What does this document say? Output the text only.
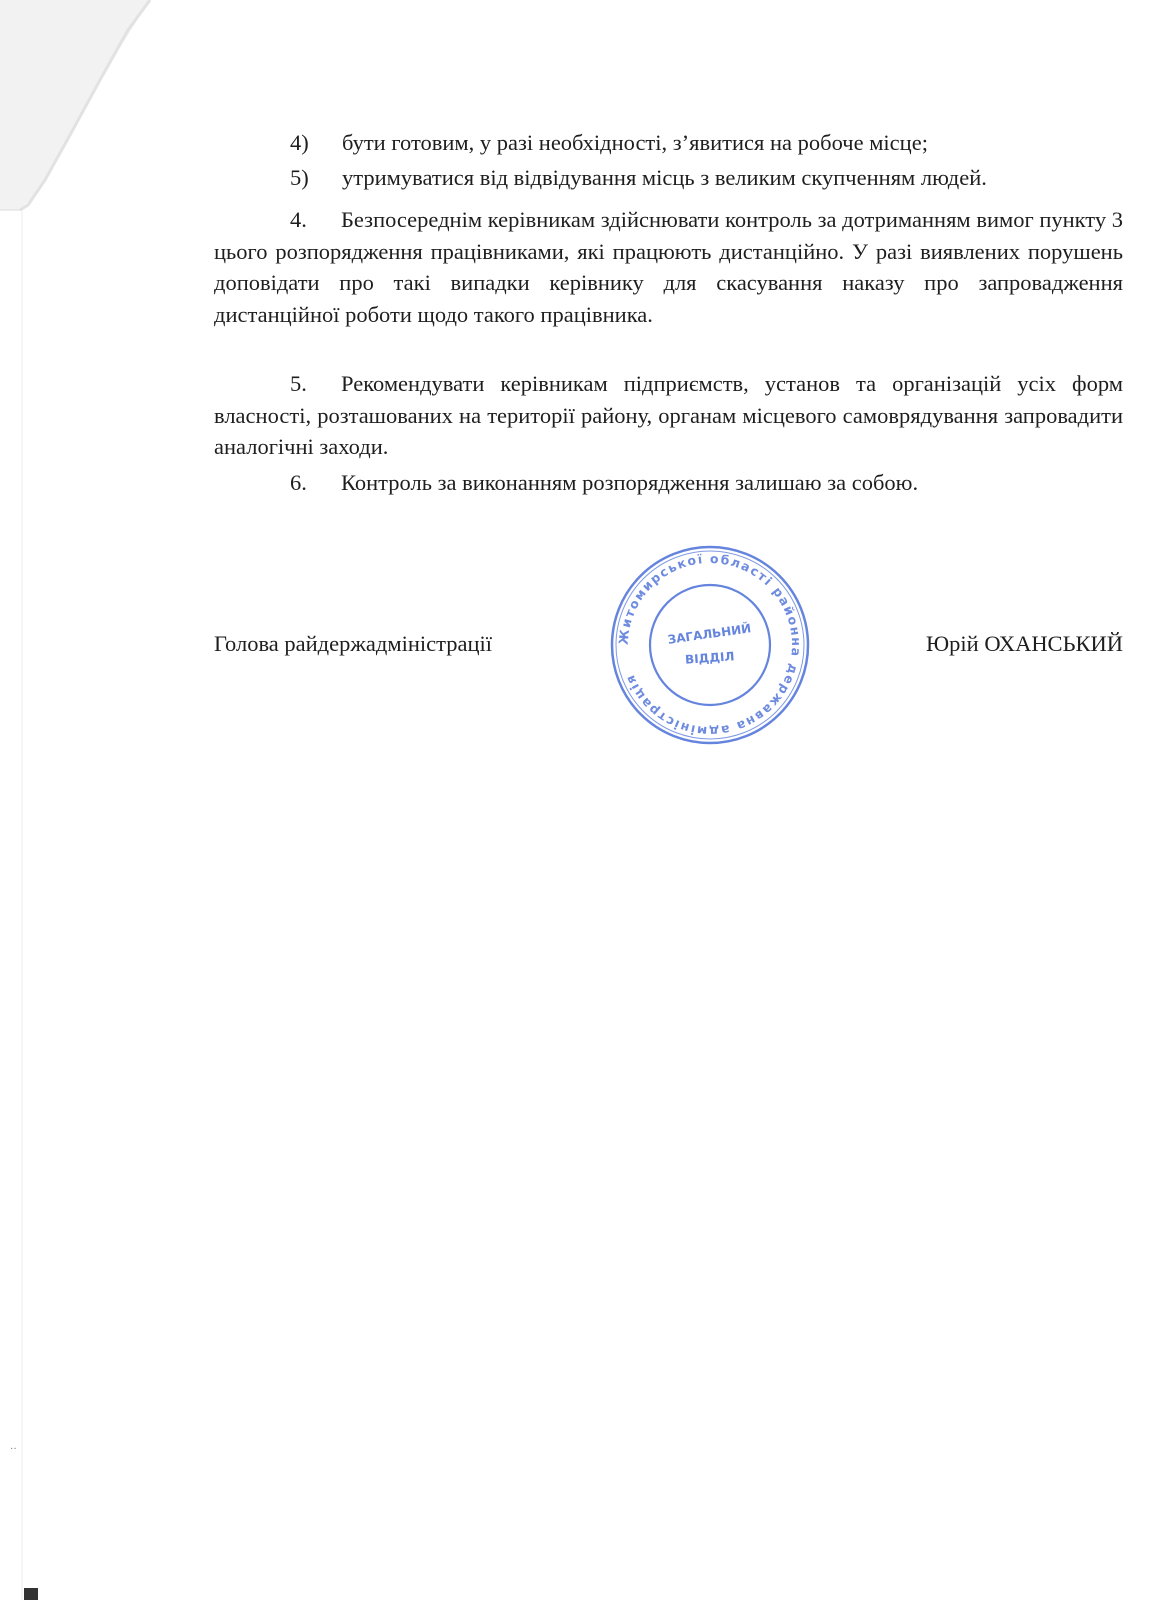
4) бути готовим, у разі необхідності, з’явитися на робоче місце;
5) утримуватися від відвідування місць з великим скупченням людей.

4. Безпосереднім керівникам здійснювати контроль за дотриманням вимог пункту 3 цього розпорядження працівниками, які працюють дистанційно. У разі виявлених порушень доповідати про такі випадки керівнику для скасування наказу про запровадження дистанційної роботи щодо такого працівника.

5. Рекомендувати керівникам підприємств, установ та організацій усіх форм власності, розташованих на території району, органам місцевого самоврядування запровадити аналогічні заходи.

6. Контроль за виконанням розпорядження залишаю за собою.

Голова райдержадміністрації	Юрій ОХАНСЬКИЙ
Житомирської області районна державна адміністрація
ЗАГАЛЬНИЙ
ВІДДІЛ
··
